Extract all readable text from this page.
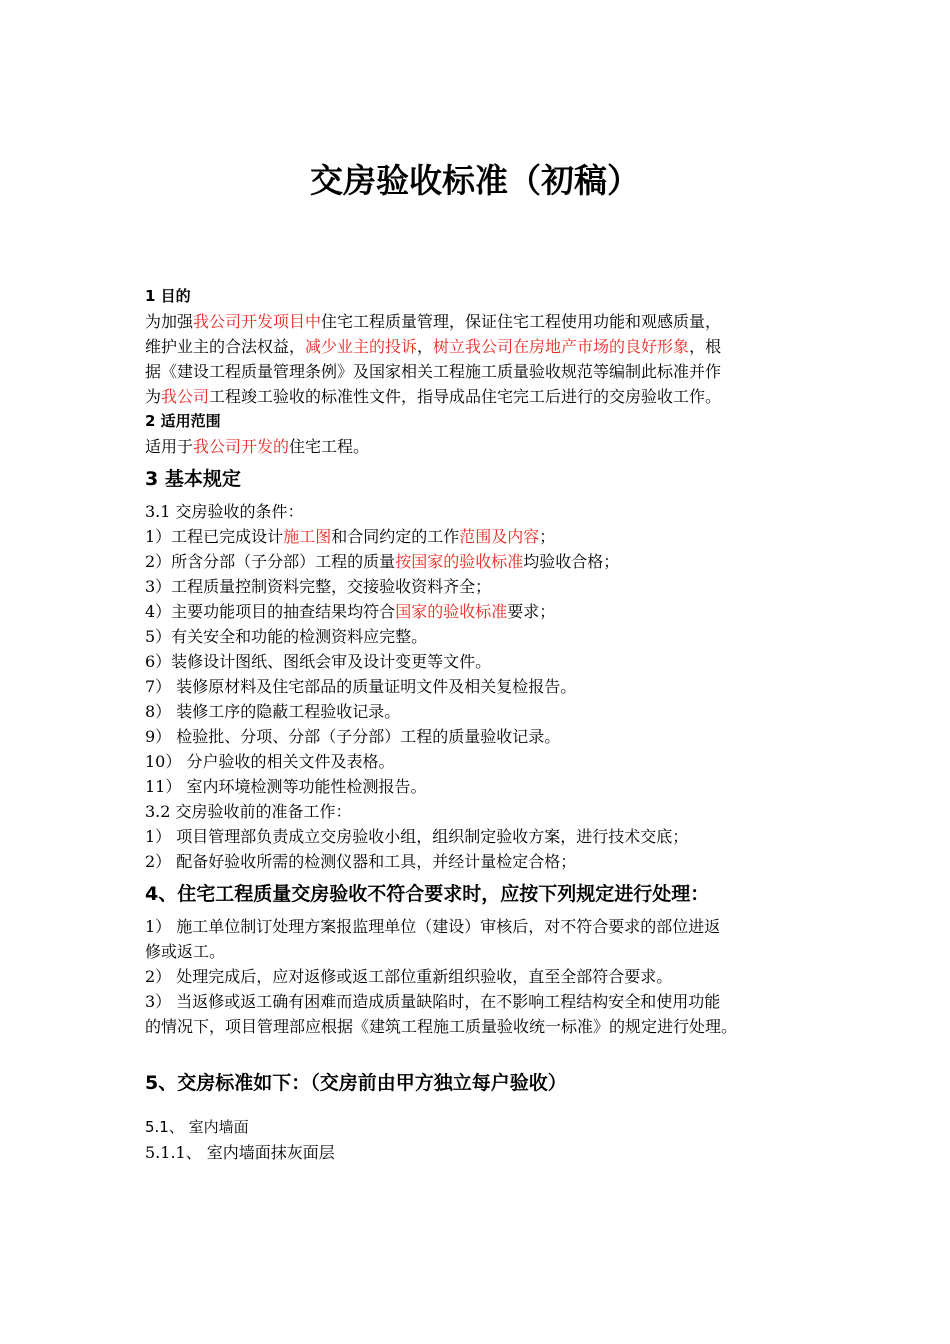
交房验收标准（初稿）

1 目的

为加强我公司开发项目中住宅工程质量管理，保证住宅工程使用功能和观感质量，

维护业主的合法权益，减少业主的投诉，树立我公司在房地产市场的良好形象，根

据《建设工程质量管理条例》及国家相关工程施工质量验收规范等编制此标准并作

为我公司工程竣工验收的标准性文件，指导成品住宅完工后进行的交房验收工作。

2 适用范围

适用于我公司开发的住宅工程。

3 基本规定

3.1 交房验收的条件：

1）工程已完成设计施工图和合同约定的工作范围及内容；

2）所含分部（子分部）工程的质量按国家的验收标准均验收合格；

3）工程质量控制资料完整，交接验收资料齐全；

4）主要功能项目的抽查结果均符合国家的验收标准要求；

5）有关安全和功能的检测资料应完整。

6）装修设计图纸、图纸会审及设计变更等文件。

7） 装修原材料及住宅部品的质量证明文件及相关复检报告。

8） 装修工序的隐蔽工程验收记录。

9） 检验批、分项、分部（子分部）工程的质量验收记录。

10） 分户验收的相关文件及表格。

11） 室内环境检测等功能性检测报告。

3.2 交房验收前的准备工作：

1） 项目管理部负责成立交房验收小组，组织制定验收方案，进行技术交底；

2） 配备好验收所需的检测仪器和工具，并经计量检定合格；

4、住宅工程质量交房验收不符合要求时，应按下列规定进行处理：

1） 施工单位制订处理方案报监理单位（建设）审核后，对不符合要求的部位进返

修或返工。

2） 处理完成后，应对返修或返工部位重新组织验收，直至全部符合要求。

3） 当返修或返工确有困难而造成质量缺陷时，在不影响工程结构安全和使用功能

的情况下，项目管理部应根据《建筑工程施工质量验收统一标准》的规定进行处理。

5、交房标准如下：（交房前由甲方独立每户验收）

5.1、 室内墙面

5.1.1、 室内墙面抹灰面层
